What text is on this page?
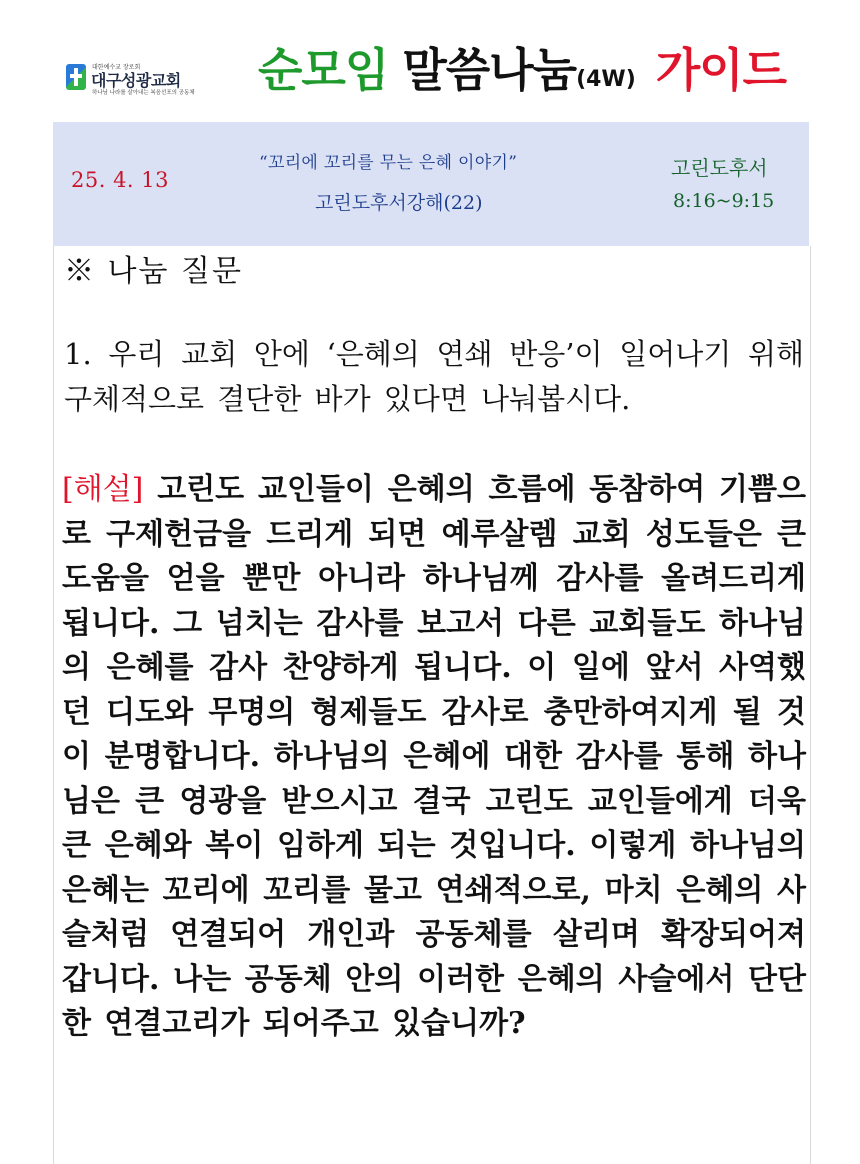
대한예수교 장로회
대구성광교회
하나님 나라를 살아내는 복음선포의 공동체 순모임 말씀나눔(4W) 가이드
25. 4. 13
“꼬리에 꼬리를 무는 은혜 이야기”
고린도후서강해(22)
고린도후서
8:16~9:15
※ 나눔 질문
1. 우리 교회 안에 ‘은혜의 연쇄 반응’이 일어나기 위해 구체적으로 결단한 바가 있다면 나눠봅시다.
[해설] 고린도 교인들이 은혜의 흐름에 동참하여 기쁨으로 구제헌금을 드리게 되면 예루살렘 교회 성도들은 큰 도움을 얻을 뿐만 아니라 하나님께 감사를 올려드리게 됩니다. 그 넘치는 감사를 보고서 다른 교회들도 하나님의 은혜를 감사 찬양하게 됩니다. 이 일에 앞서 사역했던 디도와 무명의 형제들도 감사로 충만하여지게 될 것이 분명합니다. 하나님의 은혜에 대한 감사를 통해 하나님은 큰 영광을 받으시고 결국 고린도 교인들에게 더욱 큰 은혜와 복이 임하게 되는 것입니다. 이렇게 하나님의 은혜는 꼬리에 꼬리를 물고 연쇄적으로, 마치 은혜의 사슬처럼 연결되어 개인과 공동체를 살리며 확장되어져 갑니다. 나는 공동체 안의 이러한 은혜의 사슬에서 단단한 연결고리가 되어주고 있습니까?
